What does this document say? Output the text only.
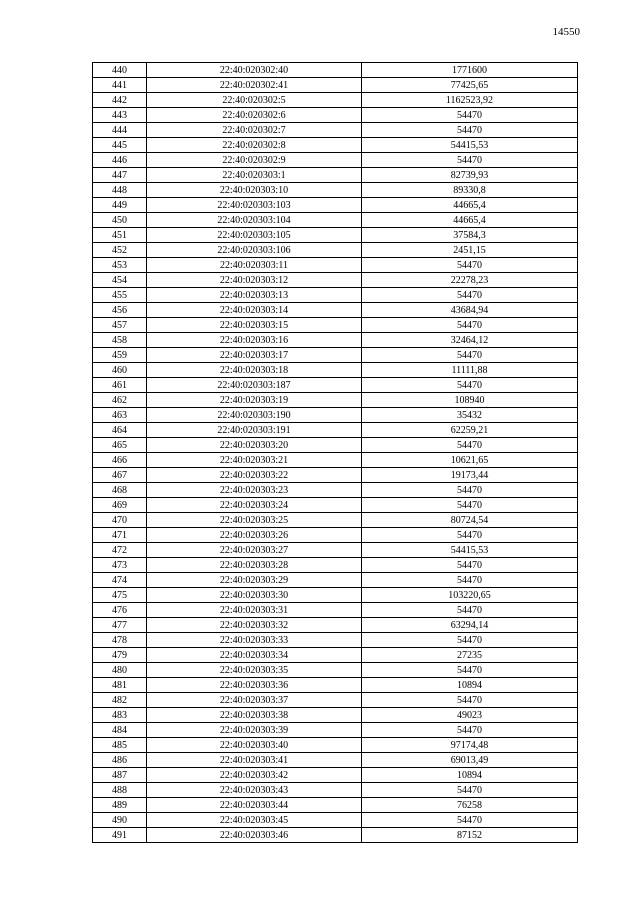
14550
440	22:40:020302:40	1771600
441	22:40:020302:41	77425,65
442	22:40:020302:5	1162523,92
443	22:40:020302:6	54470
444	22:40:020302:7	54470
445	22:40:020302:8	54415,53
446	22:40:020302:9	54470
447	22:40:020303:1	82739,93
448	22:40:020303:10	89330,8
449	22:40:020303:103	44665,4
450	22:40:020303:104	44665,4
451	22:40:020303:105	37584,3
452	22:40:020303:106	2451,15
453	22:40:020303:11	54470
454	22:40:020303:12	22278,23
455	22:40:020303:13	54470
456	22:40:020303:14	43684,94
457	22:40:020303:15	54470
458	22:40:020303:16	32464,12
459	22:40:020303:17	54470
460	22:40:020303:18	11111,88
461	22:40:020303:187	54470
462	22:40:020303:19	108940
463	22:40:020303:190	35432
464	22:40:020303:191	62259,21
465	22:40:020303:20	54470
466	22:40:020303:21	10621,65
467	22:40:020303:22	19173,44
468	22:40:020303:23	54470
469	22:40:020303:24	54470
470	22:40:020303:25	80724,54
471	22:40:020303:26	54470
472	22:40:020303:27	54415,53
473	22:40:020303:28	54470
474	22:40:020303:29	54470
475	22:40:020303:30	103220,65
476	22:40:020303:31	54470
477	22:40:020303:32	63294,14
478	22:40:020303:33	54470
479	22:40:020303:34	27235
480	22:40:020303:35	54470
481	22:40:020303:36	10894
482	22:40:020303:37	54470
483	22:40:020303:38	49023
484	22:40:020303:39	54470
485	22:40:020303:40	97174,48
486	22:40:020303:41	69013,49
487	22:40:020303:42	10894
488	22:40:020303:43	54470
489	22:40:020303:44	76258
490	22:40:020303:45	54470
491	22:40:020303:46	87152
